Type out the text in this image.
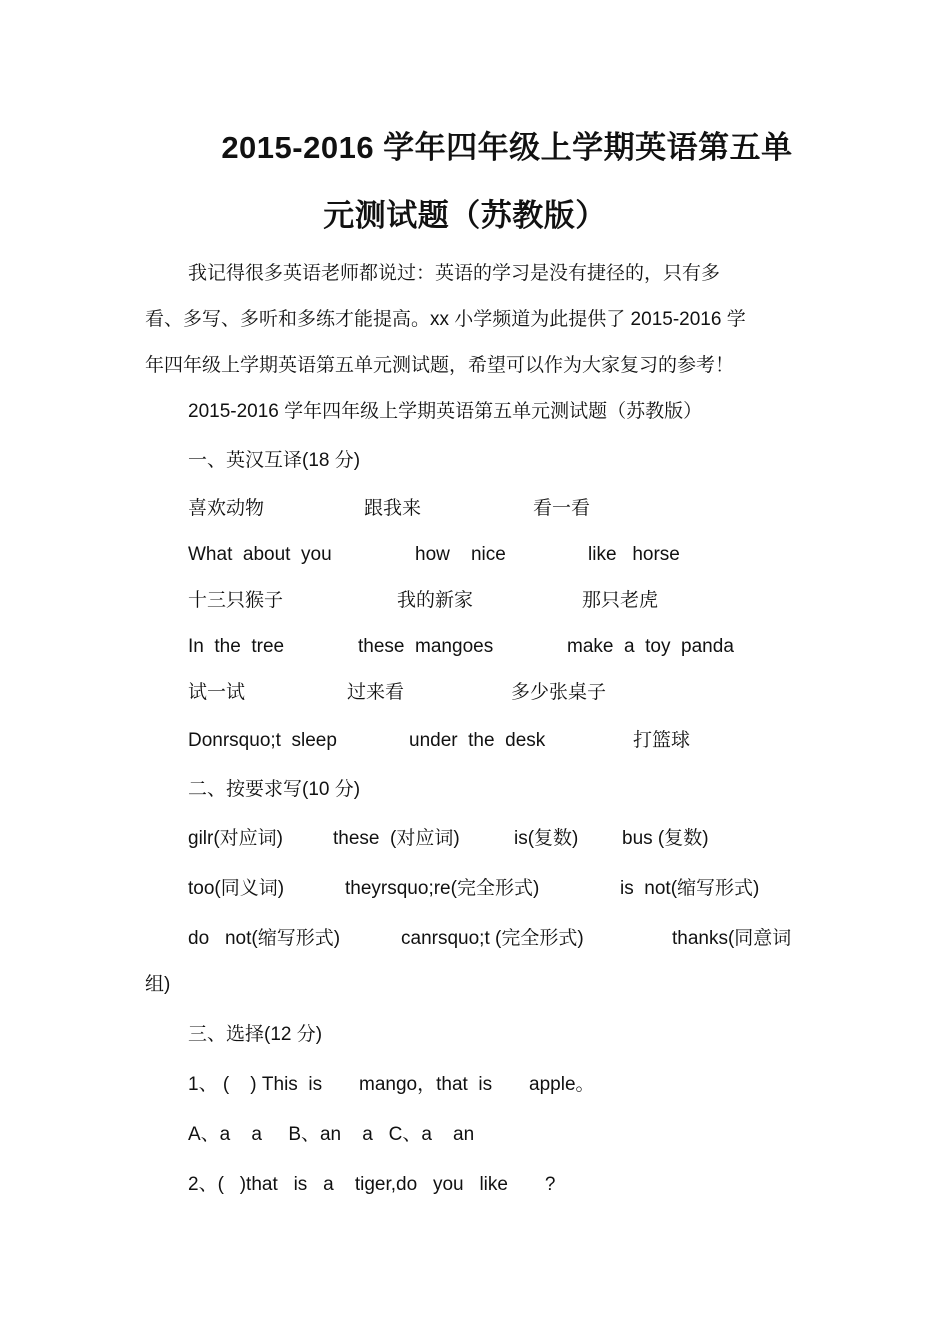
2015-2016 学年四年级上学期英语第五单
元测试题（苏教版）
我记得很多英语老师都说过：英语的学习是没有捷径的，只有多
看、多写、多听和多练才能提高。xx 小学频道为此提供了 2015-2016 学
年四年级上学期英语第五单元测试题，希望可以作为大家复习的参考！
2015-2016 学年四年级上学期英语第五单元测试题（苏教版）
一、英汉互译(18 分)
喜欢动物	跟我来	看一看
What  about  you	how    nice	like   horse
十三只猴子	我的新家	那只老虎
In  the  tree	these  mangoes	make  a  toy  panda
试一试	过来看	多少张桌子
Donrsquo;t  sleep	under  the  desk	打篮球
二、按要求写(10 分)
gilr(对应词)	these  (对应词)	is(复数) bus (复数)
too(同义词)	theyrsquo;re(完全形式)	is  not(缩写形式)
do   not(缩写形式)	canrsquo;t (完全形式)	thanks(同意词
组)
三、选择(12 分)
1、 (    ) This  is       mango，that  is       apple。
A、a    a     B、an    a   C、a    an
2、(   )that   is   a    tiger,do   you   like       ?
